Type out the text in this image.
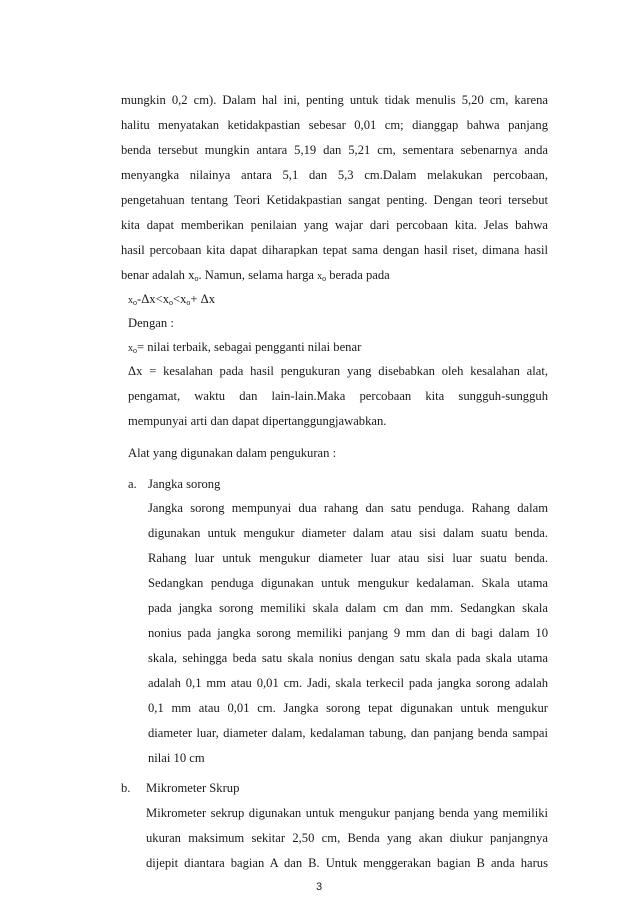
mungkin 0,2 cm). Dalam hal ini, penting untuk tidak menulis 5,20 cm, karena
halitu menyatakan ketidakpastian sebesar 0,01 cm; dianggap bahwa panjang
benda tersebut mungkin antara 5,19 dan 5,21 cm, sementara sebenarnya anda
menyangka nilainya antara 5,1 dan 5,3 cm.Dalam melakukan percobaan,
pengetahuan tentang Teori Ketidakpastian sangat penting. Dengan teori tersebut
kita dapat memberikan penilaian yang wajar dari percobaan kita. Jelas bahwa
hasil percobaan kita dapat diharapkan tepat sama dengan hasil riset, dimana hasil
benar adalah $x_o$. Namun, selama harga $x_o$ berada pada
$x_o-\Delta x<x_o<x_o+ \Delta x$
Dengan :
$x_o=$ nilai terbaik, sebagai pengganti nilai benar
Δx = kesalahan pada hasil pengukuran yang disebabkan oleh kesalahan alat,
pengamat, waktu dan lain-lain.Maka percobaan kita sungguh-sungguh
mempunyai arti dan dapat dipertanggungjawabkan.
Alat yang digunakan dalam pengukuran :
a. Jangka sorong
Jangka sorong mempunyai dua rahang dan satu penduga. Rahang dalam
digunakan untuk mengukur diameter dalam atau sisi dalam suatu benda.
Rahang luar untuk mengukur diameter luar atau sisi luar suatu benda.
Sedangkan penduga digunakan untuk mengukur kedalaman. Skala utama
pada jangka sorong memiliki skala dalam cm dan mm. Sedangkan skala
nonius pada jangka sorong memiliki panjang 9 mm dan di bagi dalam 10
skala, sehingga beda satu skala nonius dengan satu skala pada skala utama
adalah 0,1 mm atau 0,01 cm. Jadi, skala terkecil pada jangka sorong adalah
0,1 mm atau 0,01 cm. Jangka sorong tepat digunakan untuk mengukur
diameter luar, diameter dalam, kedalaman tabung, dan panjang benda sampai
nilai 10 cm
b. Mikrometer Skrup
Mikrometer sekrup digunakan untuk mengukur panjang benda yang memiliki
ukuran maksimum sekitar 2,50 cm, Benda yang akan diukur panjangnya
dijepit diantara bagian A dan B. Untuk menggerakan bagian B anda harus
3
